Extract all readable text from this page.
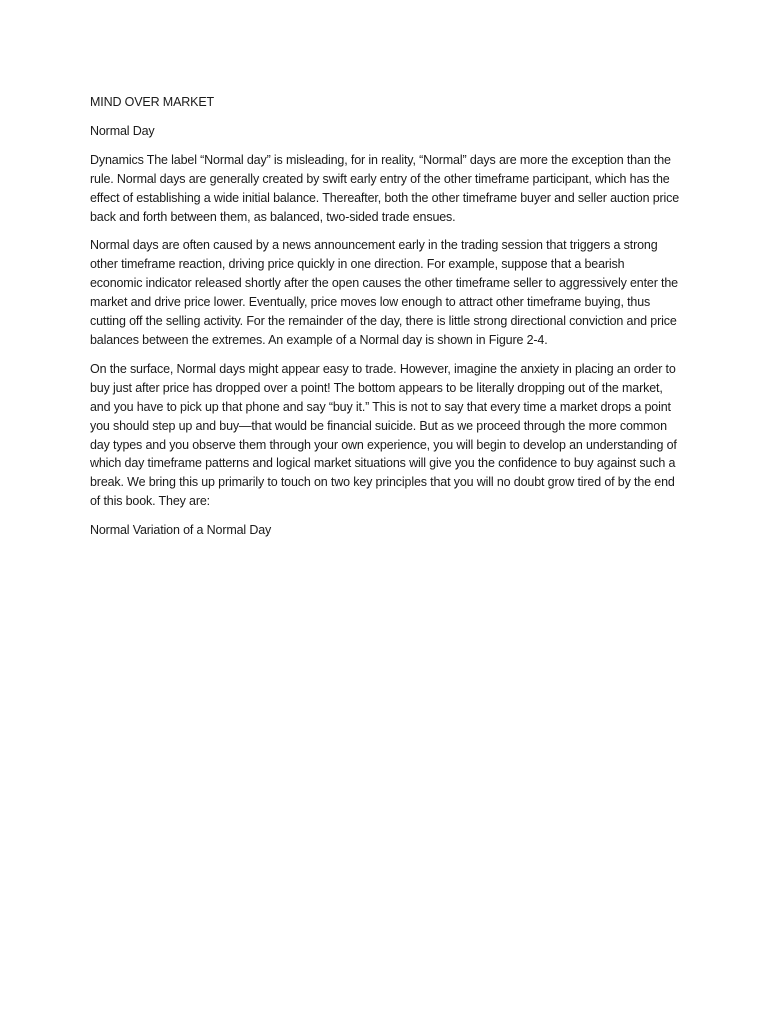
MIND OVER MARKET

Normal Day

Dynamics The label “Normal day” is misleading, for in reality, “Normal” days are more the exception than the rule. Normal days are generally created by swift early entry of the other timeframe participant, which has the effect of establishing a wide initial balance. Thereafter, both the other timeframe buyer and seller auction price back and forth between them, as balanced, two-sided trade ensues.

Normal days are often caused by a news announcement early in the trading session that triggers a strong other timeframe reaction, driving price quickly in one direction. For example, suppose that a bearish economic indicator released shortly after the open causes the other timeframe seller to aggressively enter the market and drive price lower. Eventually, price moves low enough to attract other timeframe buying, thus cutting off the selling activity. For the remainder of the day, there is little strong directional conviction and price balances between the extremes. An example of a Normal day is shown in Figure 2-4.

On the surface, Normal days might appear easy to trade. However, imagine the anxiety in placing an order to buy just after price has dropped over a point! The bottom appears to be literally dropping out of the market, and you have to pick up that phone and say “buy it.” This is not to say that every time a market drops a point you should step up and buy—that would be financial suicide. But as we proceed through the more common day types and you observe them through your own experience, you will begin to develop an understanding of which day timeframe patterns and logical market situations will give you the confidence to buy against such a break. We bring this up primarily to touch on two key principles that you will no doubt grow tired of by the end of this book. They are:

Normal Variation of a Normal Day
